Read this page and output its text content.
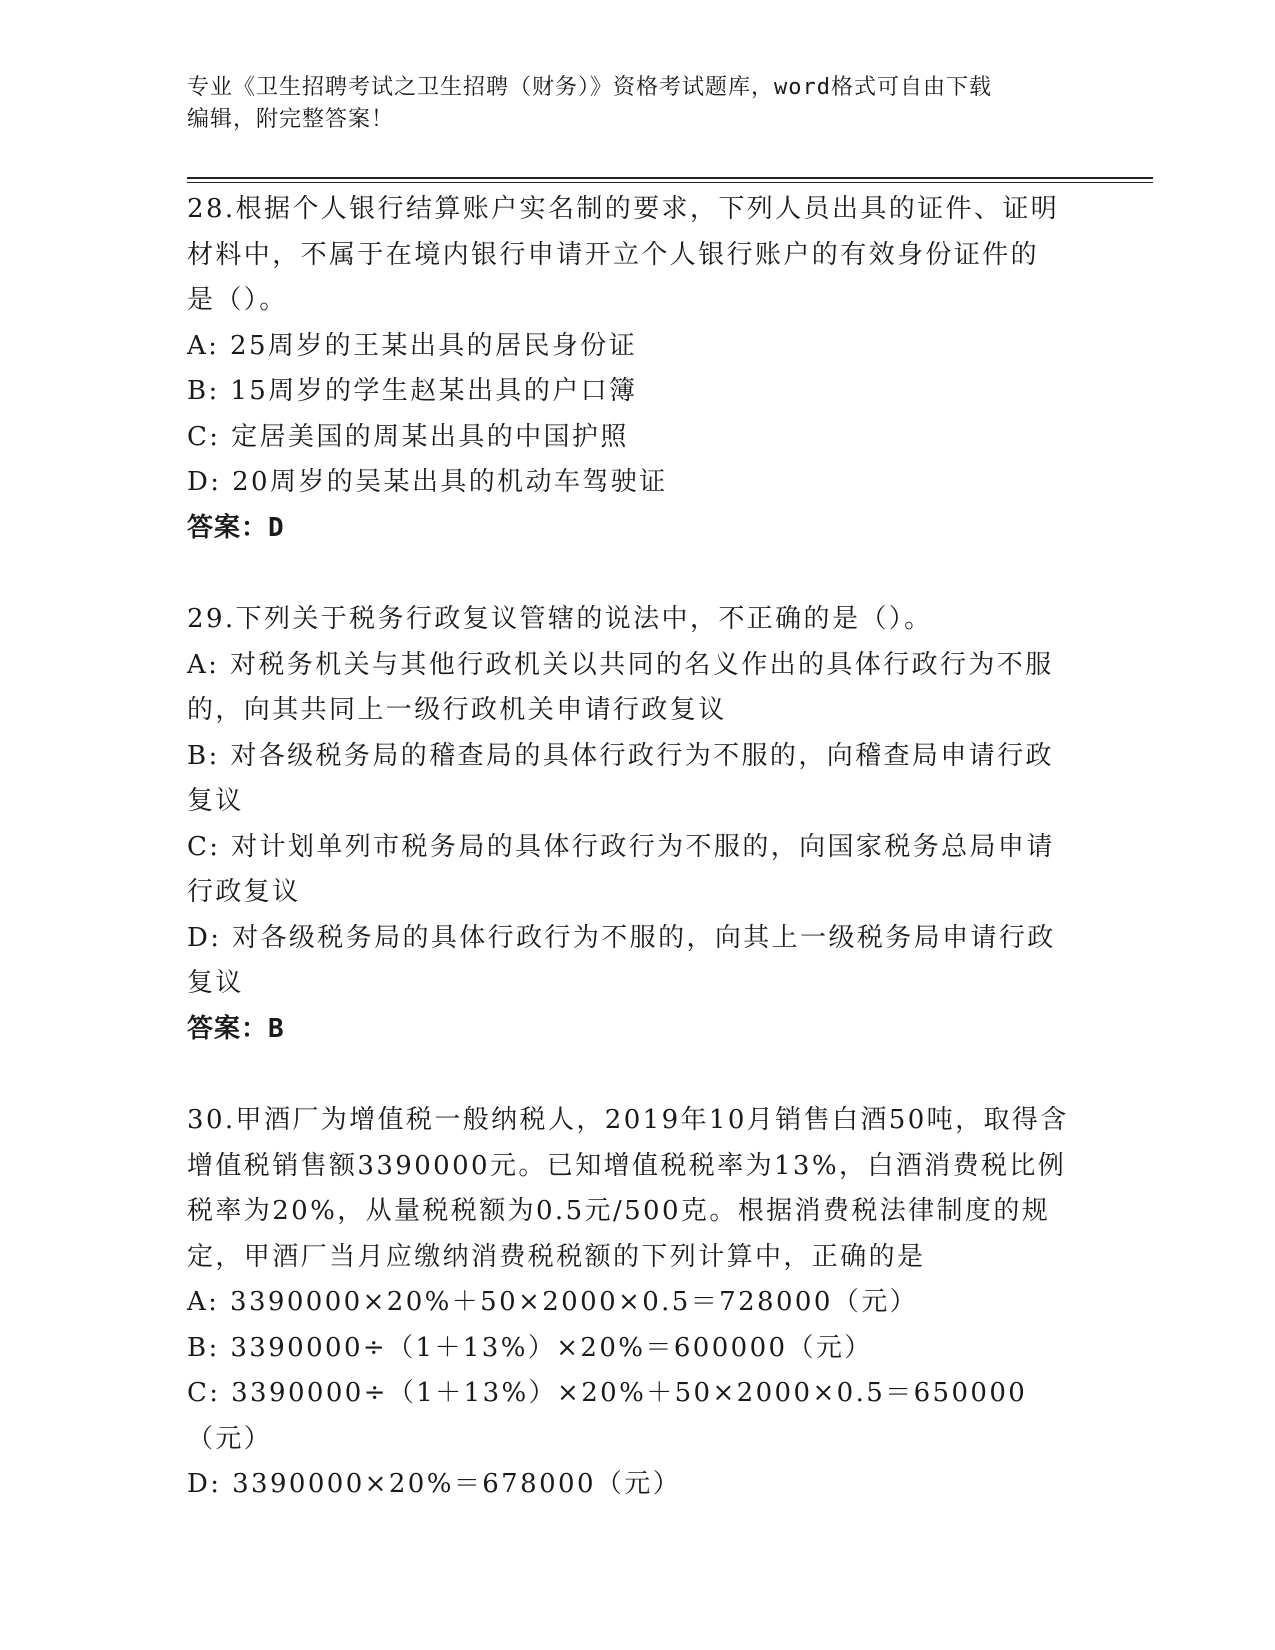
专业《卫生招聘考试之卫生招聘（财务）》资格考试题库，word格式可自由下载
编辑，附完整答案！

28.根据个人银行结算账户实名制的要求，下列人员出具的证件、证明

材料中，不属于在境内银行申请开立个人银行账户的有效身份证件的

是（）。

A: 25周岁的王某出具的居民身份证

B: 15周岁的学生赵某出具的户口簿

C: 定居美国的周某出具的中国护照

D: 20周岁的吴某出具的机动车驾驶证

答案：D

29.下列关于税务行政复议管辖的说法中，不正确的是（）。

A: 对税务机关与其他行政机关以共同的名义作出的具体行政行为不服

的，向其共同上一级行政机关申请行政复议

B: 对各级税务局的稽查局的具体行政行为不服的，向稽查局申请行政

复议

C: 对计划单列市税务局的具体行政行为不服的，向国家税务总局申请

行政复议

D: 对各级税务局的具体行政行为不服的，向其上一级税务局申请行政

复议

答案：B

30.甲酒厂为增值税一般纳税人，2019年10月销售白酒50吨，取得含

增值税销售额3390000元。已知增值税税率为13%，白酒消费税比例

税率为20%，从量税税额为0.5元/500克。根据消费税法律制度的规

定，甲酒厂当月应缴纳消费税税额的下列计算中，正确的是

A: 3390000×20%＋50×2000×0.5＝728000（元）

B: 3390000÷（1＋13%）×20%＝600000（元）

C: 3390000÷（1＋13%）×20%＋50×2000×0.5＝650000（元）

D: 3390000×20%＝678000（元）
